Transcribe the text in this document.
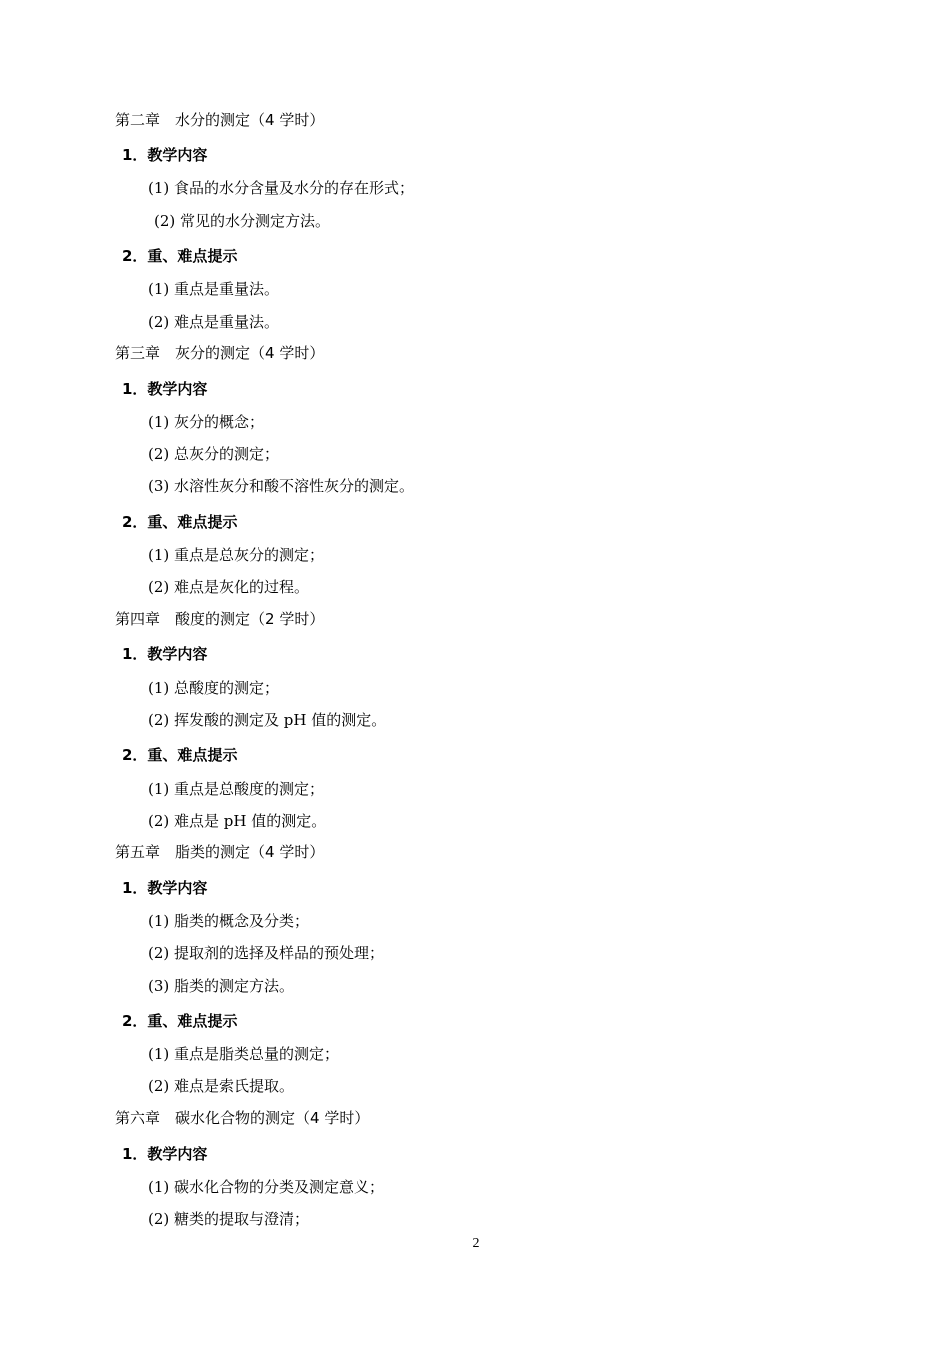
第二章　水分的测定（4 学时）
1．教学内容
(1) 食品的水分含量及水分的存在形式；
(2) 常见的水分测定方法。
2．重、难点提示
(1) 重点是重量法。
(2) 难点是重量法。
第三章　灰分的测定（4 学时）
1．教学内容
(1) 灰分的概念；
(2) 总灰分的测定；
(3) 水溶性灰分和酸不溶性灰分的测定。
2．重、难点提示
(1) 重点是总灰分的测定；
(2) 难点是灰化的过程。
第四章　酸度的测定（2 学时）
1．教学内容
(1) 总酸度的测定；
(2) 挥发酸的测定及 pH 值的测定。
2．重、难点提示
(1) 重点是总酸度的测定；
(2) 难点是 pH 值的测定。
第五章　脂类的测定（4 学时）
1．教学内容
(1) 脂类的概念及分类；
(2) 提取剂的选择及样品的预处理；
(3) 脂类的测定方法。
2．重、难点提示
(1) 重点是脂类总量的测定；
(2) 难点是索氏提取。
第六章　碳水化合物的测定（4 学时）
1．教学内容
(1) 碳水化合物的分类及测定意义；
(2) 糖类的提取与澄清；
2
